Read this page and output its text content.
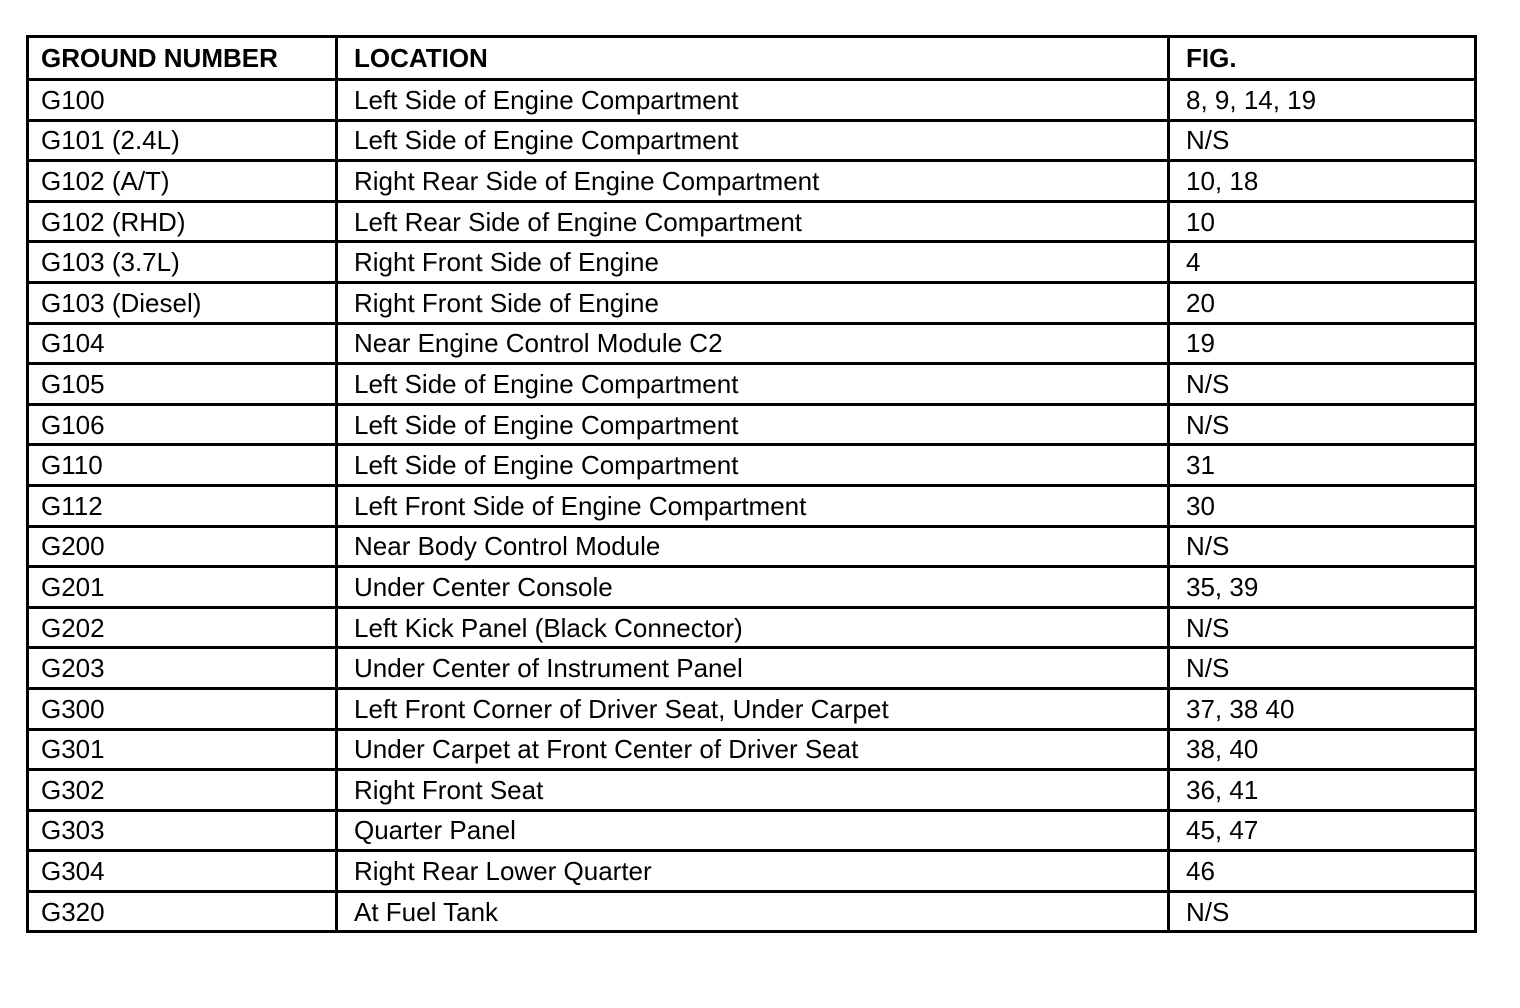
GROUND NUMBER	LOCATION	FIG.
G100	Left Side of Engine Compartment	8, 9, 14, 19
G101 (2.4L)	Left Side of Engine Compartment	N/S
G102 (A/T)	Right Rear Side of Engine Compartment	10, 18
G102 (RHD)	Left Rear Side of Engine Compartment	10
G103 (3.7L)	Right Front Side of Engine	4
G103 (Diesel)	Right Front Side of Engine	20
G104	Near Engine Control Module C2	19
G105	Left Side of Engine Compartment	N/S
G106	Left Side of Engine Compartment	N/S
G110	Left Side of Engine Compartment	31
G112	Left Front Side of Engine Compartment	30
G200	Near Body Control Module	N/S
G201	Under Center Console	35, 39
G202	Left Kick Panel (Black Connector)	N/S
G203	Under Center of Instrument Panel	N/S
G300	Left Front Corner of Driver Seat, Under Carpet	37, 38 40
G301	Under Carpet at Front Center of Driver Seat	38, 40
G302	Right Front Seat	36, 41
G303	Quarter Panel	45, 47
G304	Right Rear Lower Quarter	46
G320	At Fuel Tank	N/S
